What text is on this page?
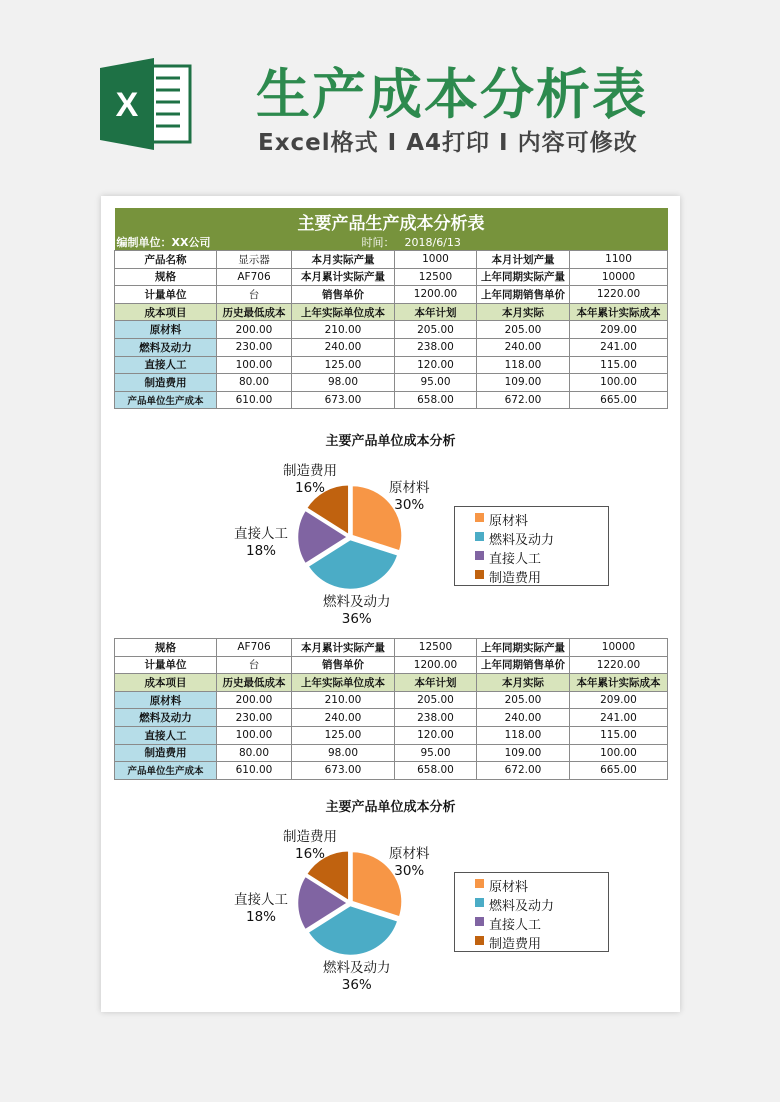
X 生产成本分析表
Excel格式 I A4打印 I 内容可修改
主要产品生产成本分析表					
编制单位：XX公司		时间：	2018/6/13		
产品名称	显示器	本月实际产量	1000	本月计划产量	1100
规格	AF706	本月累计实际产量	12500	上年同期实际产量	10000
计量单位	台	销售单价	1200.00	上年同期销售单价	1220.00
成本项目	历史最低成本	上年实际单位成本	本年计划	本月实际	本年累计实际成本
原材料	200.00	210.00	205.00	205.00	209.00
燃料及动力	230.00	240.00	238.00	240.00	241.00
直接人工	100.00	125.00	120.00	118.00	115.00
制造费用	80.00	98.00	95.00	109.00	100.00
产品单位生产成本	610.00	673.00	658.00	672.00	665.00
主要产品单位成本分析
制造费用
16%	原材料
30%
直接人工
18%
燃料及动力
36%
原材料
燃料及动力
直接人工
制造费用
规格	AF706	本月累计实际产量	12500	上年同期实际产量	10000
计量单位	台	销售单价	1200.00	上年同期销售单价	1220.00
成本项目	历史最低成本	上年实际单位成本	本年计划	本月实际	本年累计实际成本
原材料	200.00	210.00	205.00	205.00	209.00
燃料及动力	230.00	240.00	238.00	240.00	241.00
直接人工	100.00	125.00	120.00	118.00	115.00
制造费用	80.00	98.00	95.00	109.00	100.00
产品单位生产成本	610.00	673.00	658.00	672.00	665.00
主要产品单位成本分析
制造费用
16%	原材料
30%
直接人工
18%
燃料及动力
36%
原材料
燃料及动力
直接人工
制造费用
